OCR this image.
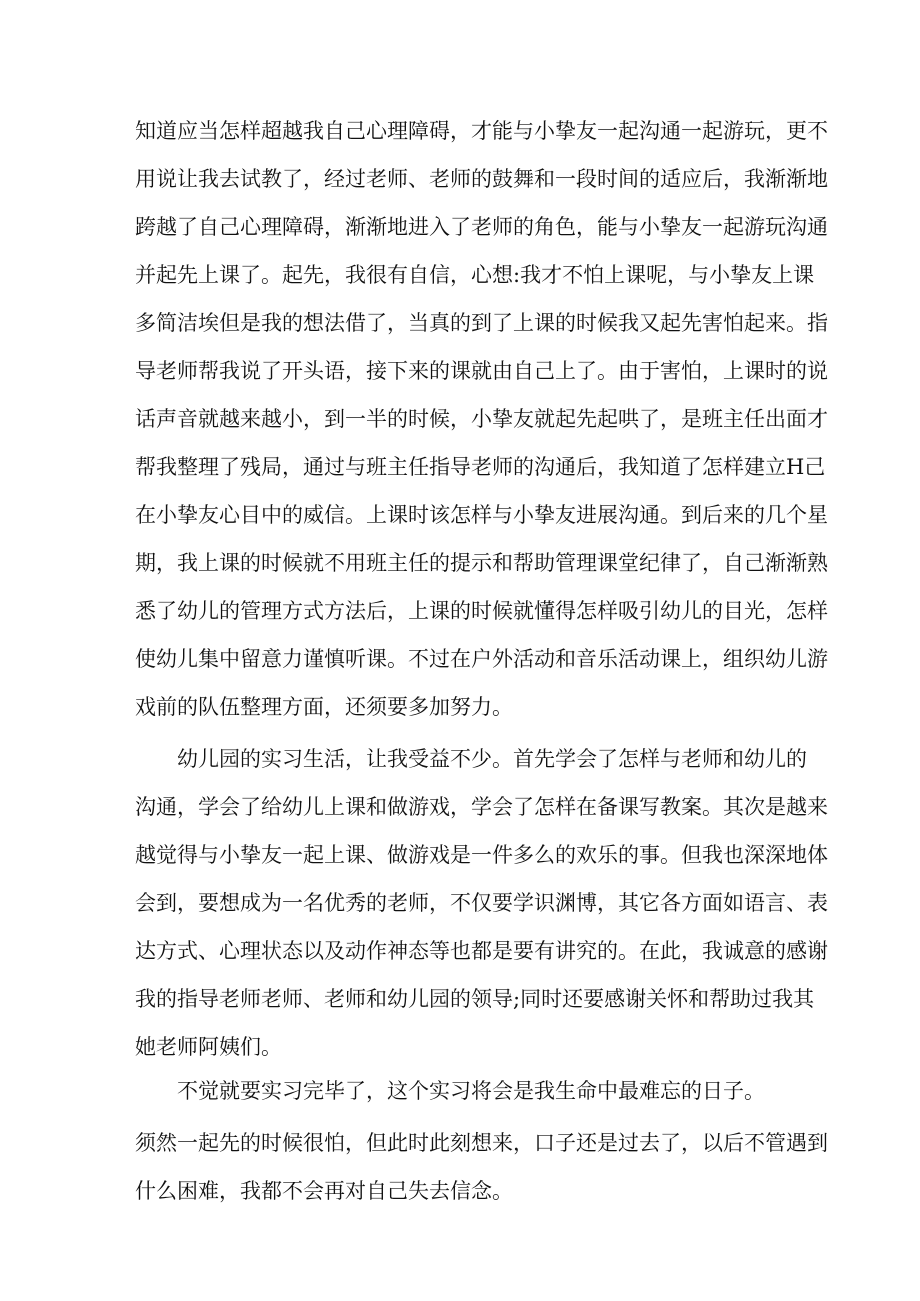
知道应当怎样超越我自己心理障碍，才能与小挚友一起沟通一起游玩，更不

用说让我去试教了，经过老师、老师的鼓舞和一段时间的适应后，我渐渐地

跨越了自己心理障碍，渐渐地进入了老师的角色，能与小挚友一起游玩沟通

并起先上课了。起先，我很有自信，心想:我才不怕上课呢，与小挚友上课

多简洁埃但是我的想法借了，当真的到了上课的时候我又起先害怕起来。指

导老师帮我说了开头语，接下来的课就由自己上了。由于害怕，上课时的说

话声音就越来越小，到一半的时候，小挚友就起先起哄了，是班主任出面才

帮我整理了残局，通过与班主任指导老师的沟通后，我知道了怎样建立H己

在小挚友心目中的威信。上课时该怎样与小挚友进展沟通。到后来的几个星

期，我上课的时候就不用班主任的提示和帮助管理课堂纪律了，自己渐渐熟

悉了幼儿的管理方式方法后，上课的时候就懂得怎样吸引幼儿的目光，怎样

使幼儿集中留意力谨慎听课。不过在户外活动和音乐活动课上，组织幼儿游

戏前的队伍整理方面，还须要多加努力。

幼儿园的实习生活，让我受益不少。首先学会了怎样与老师和幼儿的

沟通，学会了给幼儿上课和做游戏，学会了怎样在备课写教案。其次是越来

越觉得与小挚友一起上课、做游戏是一件多么的欢乐的事。但我也深深地体

会到，要想成为一名优秀的老师，不仅要学识渊博，其它各方面如语言、表

达方式、心理状态以及动作神态等也都是要有讲究的。在此，我诚意的感谢

我的指导老师老师、老师和幼儿园的领导;同时还要感谢关怀和帮助过我其

她老师阿姨们。

不觉就要实习完毕了，这个实习将会是我生命中最难忘的日子。

须然一起先的时候很怕，但此时此刻想来，口子还是过去了，以后不管遇到

什么困难，我都不会再对自己失去信念。
